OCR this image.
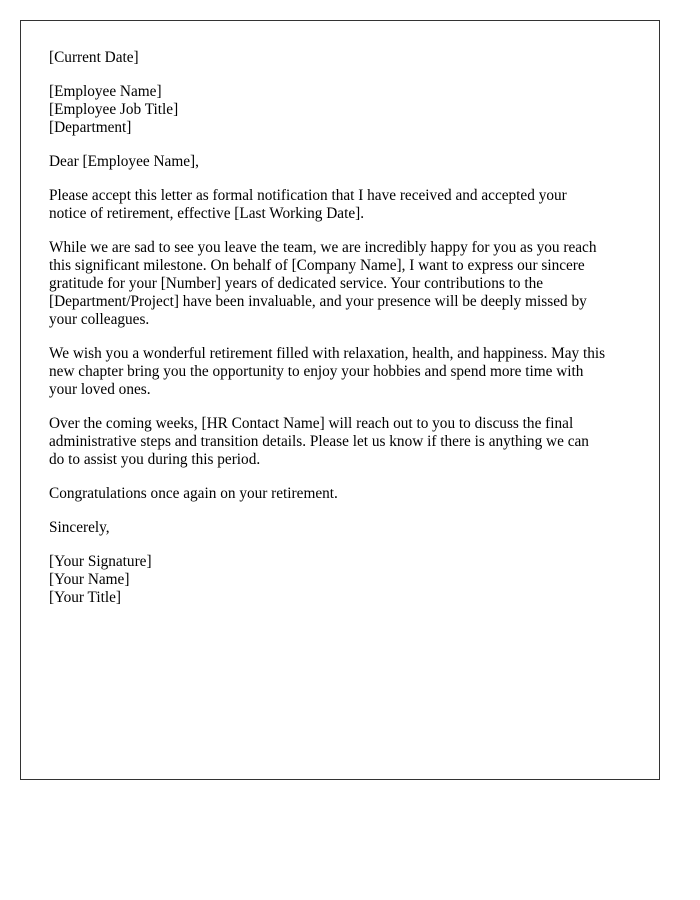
[Current Date]
[Employee Name]
[Employee Job Title]
[Department]
Dear [Employee Name],
Please accept this letter as formal notification that I have received and accepted your
notice of retirement, effective [Last Working Date].
While we are sad to see you leave the team, we are incredibly happy for you as you reach
this significant milestone. On behalf of [Company Name], I want to express our sincere
gratitude for your [Number] years of dedicated service. Your contributions to the
[Department/Project] have been invaluable, and your presence will be deeply missed by
your colleagues.
We wish you a wonderful retirement filled with relaxation, health, and happiness. May this
new chapter bring you the opportunity to enjoy your hobbies and spend more time with
your loved ones.
Over the coming weeks, [HR Contact Name] will reach out to you to discuss the final
administrative steps and transition details. Please let us know if there is anything we can
do to assist you during this period.
Congratulations once again on your retirement.
Sincerely,
[Your Signature]
[Your Name]
[Your Title]
